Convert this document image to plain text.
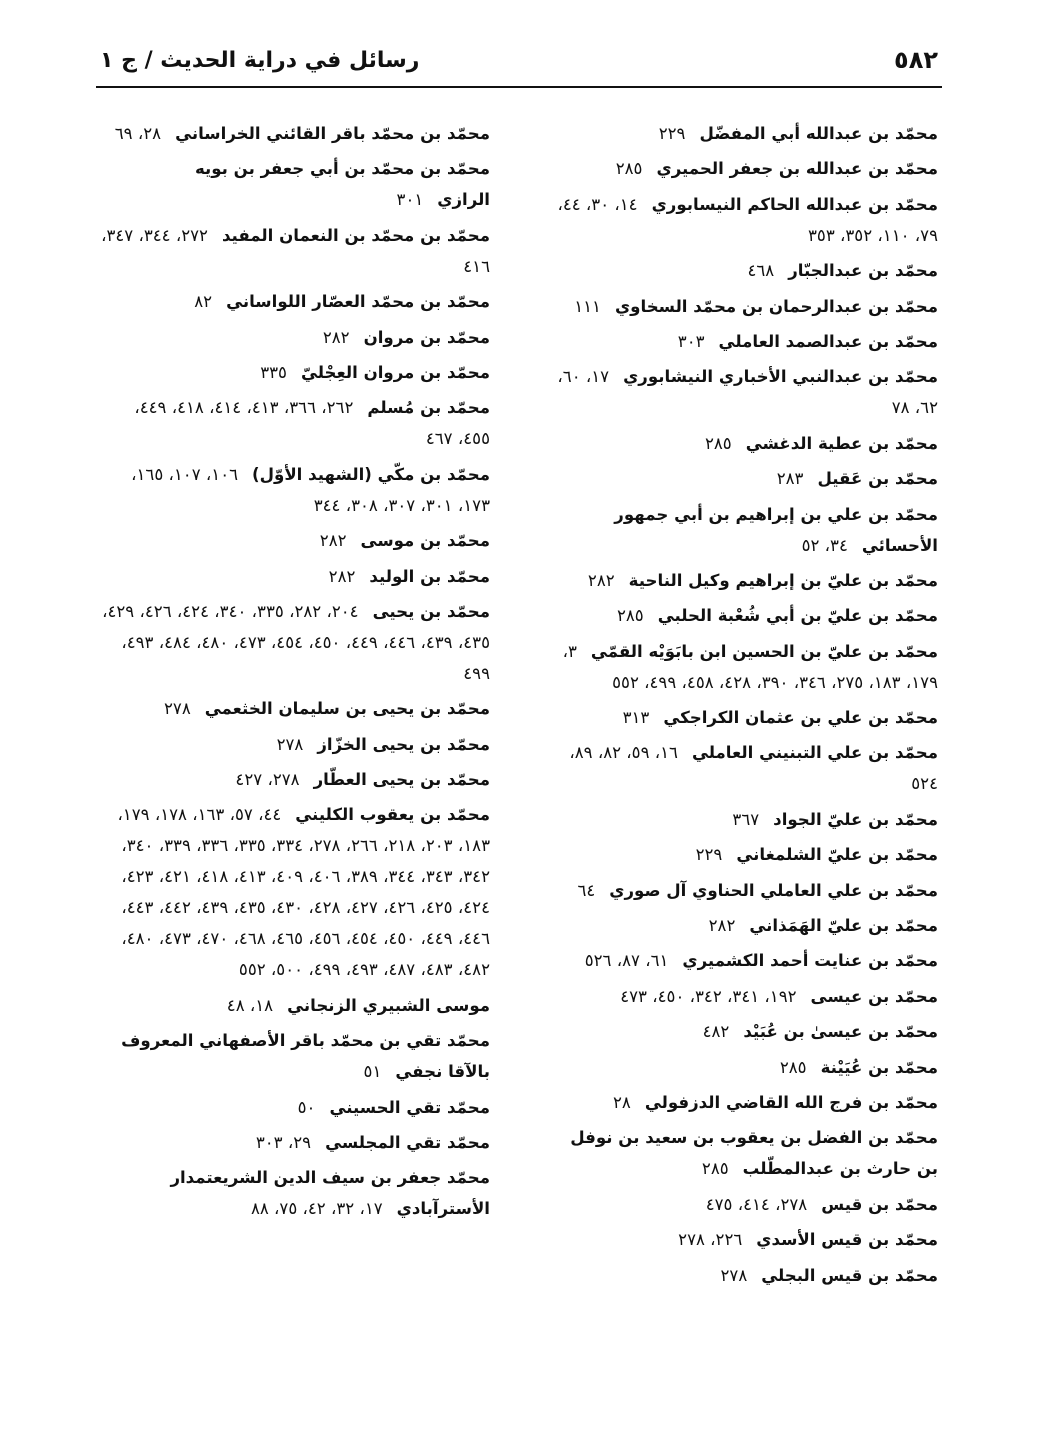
٥٨٢
رسائل في دراية الحديث / ج ١
محمّد بن عبدالله أبي المفضّل٢٢٩
محمّد بن عبدالله بن جعفر الحميري٢٨٥
محمّد بن عبدالله الحاكم النيسابوري١٤، ٣٠، ٤٤، ٧٩، ١١٠، ٣٥٢، ٣٥٣
محمّد بن عبدالجبّار٤٦٨
محمّد بن عبدالرحمان بن محمّد السخاوي١١١
محمّد بن عبدالصمد العاملي٣٠٣
محمّد بن عبدالنبي الأخباري النيشابوري١٧، ٦٠، ٦٢، ٧٨
محمّد بن عطية الدغشي٢٨٥
محمّد بن عَقيل٢٨٣
محمّد بن علي بن إبراهيم بن أبي جمهور الأحسائي٣٤، ٥٢
محمّد بن عليّ بن إبراهيم وكيل الناحية٢٨٢
محمّد بن عليّ بن أبي شُعْبة الحلبي٢٨٥
محمّد بن عليّ بن الحسين ابن بابَوَيْه القمّي٣، ١٧٩، ١٨٣، ٢٧٥، ٣٤٦، ٣٩٠، ٤٢٨، ٤٥٨، ٤٩٩، ٥٥٢
محمّد بن علي بن عثمان الكراجكي٣١٣
محمّد بن علي التبنيني العاملي١٦، ٥٩، ٨٢، ٨٩، ٥٢٤
محمّد بن عليّ الجواد٣٦٧
محمّد بن عليّ الشلمغاني٢٢٩
محمّد بن علي العاملي الحناوي آل صوري٦٤
محمّد بن عليّ الهَمَذاني٢٨٢
محمّد بن عنايت أحمد الكشميري٦١، ٨٧، ٥٢٦
محمّد بن عيسى١٩٢، ٣٤١، ٣٤٢، ٤٥٠، ٤٧٣
محمّد بن عيسىٰ بن عُبَيْد٤٨٢
محمّد بن عُيَيْنة٢٨٥
محمّد بن فرج الله القاضي الدزفولي٢٨
محمّد بن الفضل بن يعقوب بن سعيد بن نوفل بن حارث بن عبدالمطّلب٢٨٥
محمّد بن قيس٢٧٨، ٤١٤، ٤٧٥
محمّد بن قيس الأسدي٢٢٦، ٢٧٨
محمّد بن قيس البجلي٢٧٨
محمّد بن محمّد باقر القائني الخراساني٢٨، ٦٩
محمّد بن محمّد بن أبي جعفر بن بويه الرازي٣٠١
محمّد بن محمّد بن النعمان المفيد٢٧٢، ٣٤٤، ٣٤٧، ٤١٦
محمّد بن محمّد العصّار اللواساني٨٢
محمّد بن مروان٢٨٢
محمّد بن مروان العِجْليّ٣٣٥
محمّد بن مُسلم٢٦٢، ٣٦٦، ٤١٣، ٤١٤، ٤١٨، ٤٤٩، ٤٥٥، ٤٦٧
محمّد بن مكّي (الشهيد الأوّل)١٠٦، ١٠٧، ١٦٥، ١٧٣، ٣٠١، ٣٠٧، ٣٠٨، ٣٤٤
محمّد بن موسى٢٨٢
محمّد بن الوليد٢٨٢
محمّد بن يحيى٢٠٤، ٢٨٢، ٣٣٥، ٣٤٠، ٤٢٤، ٤٢٦، ٤٢٩، ٤٣٥، ٤٣٩، ٤٤٦، ٤٤٩، ٤٥٠، ٤٥٤، ٤٧٣، ٤٨٠، ٤٨٤، ٤٩٣، ٤٩٩
محمّد بن يحيى بن سليمان الخثعمي٢٧٨
محمّد بن يحيى الخزّاز٢٧٨
محمّد بن يحيى العطّار٢٧٨، ٤٢٧
محمّد بن يعقوب الكليني٤٤، ٥٧، ١٦٣، ١٧٨، ١٧٩، ١٨٣، ٢٠٣، ٢١٨، ٢٦٦، ٢٧٨، ٣٣٤، ٣٣٥، ٣٣٦، ٣٣٩، ٣٤٠، ٣٤٢، ٣٤٣، ٣٤٤، ٣٨٩، ٤٠٦، ٤٠٩، ٤١٣، ٤١٨، ٤٢١، ٤٢٣، ٤٢٤، ٤٢٥، ٤٢٦، ٤٢٧، ٤٢٨، ٤٣٠، ٤٣٥، ٤٣٩، ٤٤٢، ٤٤٣، ٤٤٦، ٤٤٩، ٤٥٠، ٤٥٤، ٤٥٦، ٤٦٥، ٤٦٨، ٤٧٠، ٤٧٣، ٤٨٠، ٤٨٢، ٤٨٣، ٤٨٧، ٤٩٣، ٤٩٩، ٥٠٠، ٥٥٢
موسى الشبيري الزنجاني١٨، ٤٨
محمّد تقي بن محمّد باقر الأصفهاني المعروف بالآقا نجفي٥١
محمّد تقي الحسيني٥٠
محمّد تقي المجلسي٢٩، ٣٠٣
محمّد جعفر بن سيف الدين الشريعتمدار الأسترآبادي١٧، ٣٢، ٤٢، ٧٥، ٨٨
